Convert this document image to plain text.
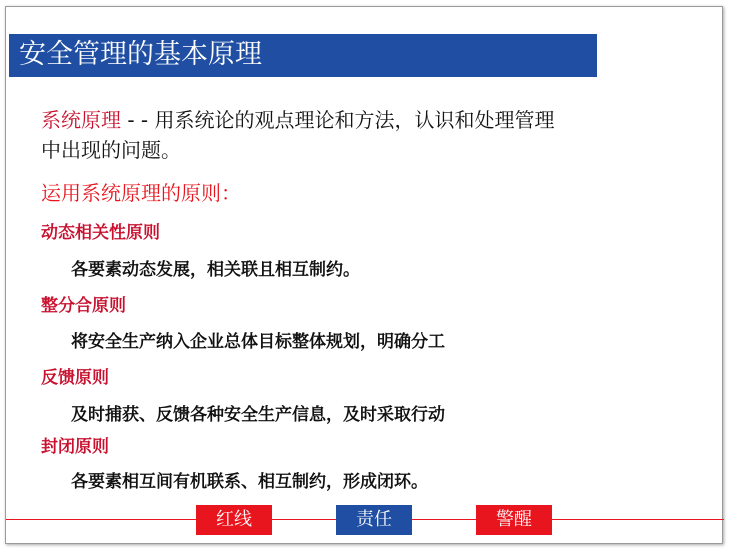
安全管理的基本原理
系统原理 - - 用系统论的观点理论和方法，认识和处理管理
中出现的问题。
运用系统原理的原则：
动态相关性原则
各要素动态发展，相关联且相互制约。
整分合原则
将安全生产纳入企业总体目标整体规划，明确分工
反馈原则
及时捕获、反馈各种安全生产信息，及时采取行动
封闭原则
各要素相互间有机联系、相互制约，形成闭环。
红线	责任	警醒
